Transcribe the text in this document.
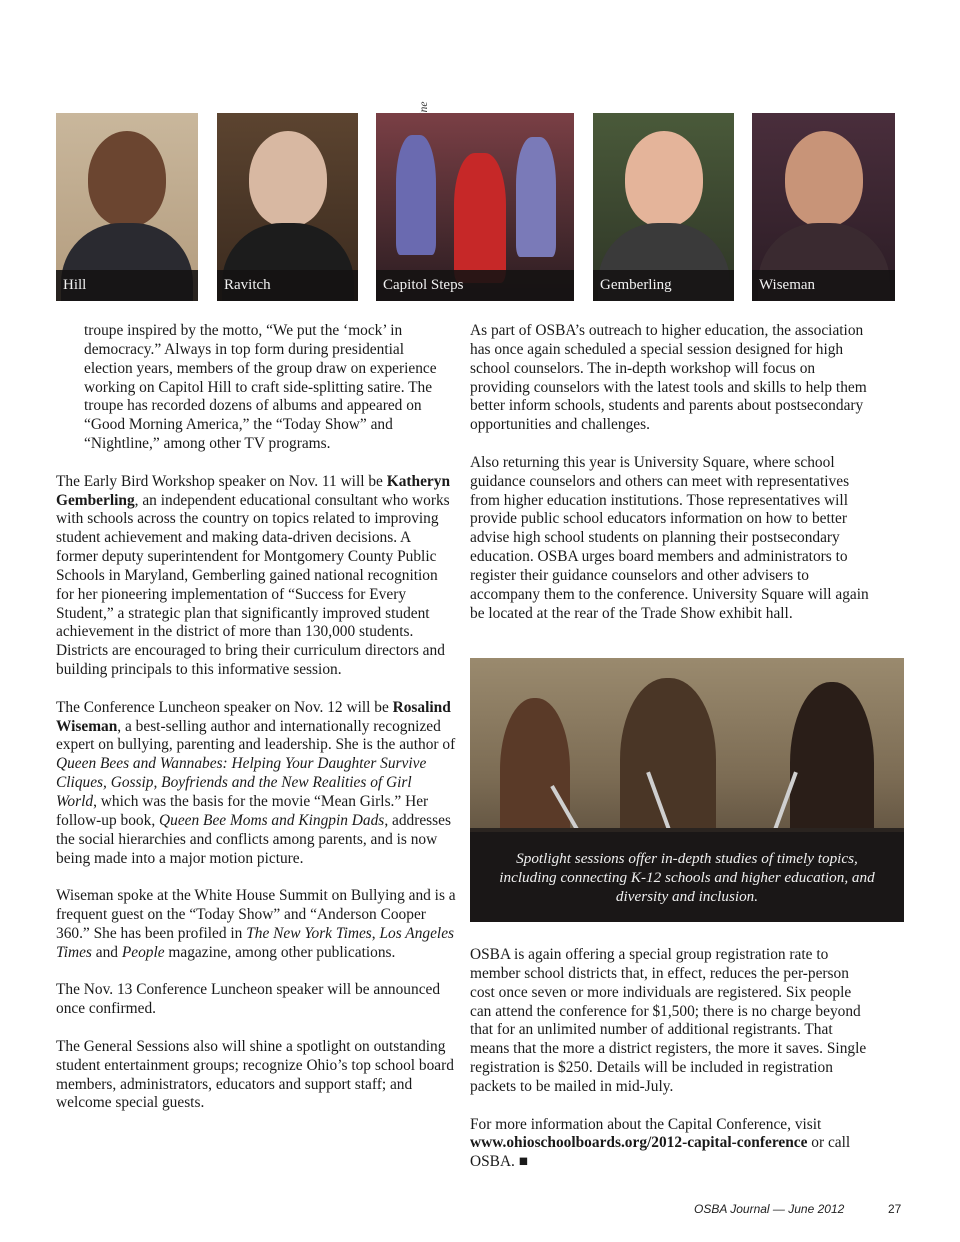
Hill	Ravitch	Capitol Steps	Gemberling	Wiseman

troupe inspired by the motto, “We put the ‘mock’ in democracy.” Always in top form during presidential election years, members of the group draw on experience working on Capitol Hill to craft side-splitting satire. The troupe has recorded dozens of albums and appeared on “Good Morning America,” the “Today Show” and “Nightline,” among other TV programs.

The Early Bird Workshop speaker on Nov. 11 will be Katheryn Gemberling, an independent educational consultant who works with schools across the country on topics related to improving student achievement and making data-driven decisions. A former deputy superintendent for Montgomery County Public Schools in Maryland, Gemberling gained national recognition for her pioneering implementation of “Success for Every Student,” a strategic plan that significantly improved student achievement in the district of more than 130,000 students. Districts are encouraged to bring their curriculum directors and building principals to this informative session.

The Conference Luncheon speaker on Nov. 12 will be Rosalind Wiseman, a best-selling author and internationally recognized expert on bullying, parenting and leadership. She is the author of Queen Bees and Wannabes: Helping Your Daughter Survive Cliques, Gossip, Boyfriends and the New Realities of Girl World, which was the basis for the movie “Mean Girls.” Her follow-up book, Queen Bee Moms and Kingpin Dads, addresses the social hierarchies and conflicts among parents, and is now being made into a major motion picture.

Wiseman spoke at the White House Summit on Bullying and is a frequent guest on the “Today Show” and “Anderson Cooper 360.” She has been profiled in The New York Times, Los Angeles Times and People magazine, among other publications.

The Nov. 13 Conference Luncheon speaker will be announced once confirmed.

The General Sessions also will shine a spotlight on outstanding student entertainment groups; recognize Ohio’s top school board members, administrators, educators and support staff; and welcome special guests.

As part of OSBA’s outreach to higher education, the association has once again scheduled a special session designed for high school counselors. The in-depth workshop will focus on providing counselors with the latest tools and skills to help them better inform schools, students and parents about postsecondary opportunities and challenges.

Also returning this year is University Square, where school guidance counselors and others can meet with representatives from higher education institutions. Those representatives will provide public school educators information on how to better advise high school students on planning their postsecondary education. OSBA urges board members and administrators to register their guidance counselors and other advisers to accompany them to the conference. University Square will again be located at the rear of the Trade Show exhibit hall.

Spotlight sessions offer in-depth studies of timely topics, including connecting K-12 schools and higher education, and diversity and inclusion.

OSBA is again offering a special group registration rate to member school districts that, in effect, reduces the per-person cost once seven or more individuals are registered. Six people can attend the conference for $1,500; there is no charge beyond that for an unlimited number of additional registrants. That means that the more a district registers, the more it saves. Single registration is $250. Details will be included in registration packets to be mailed in mid-July.

For more information about the Capital Conference, visit www.ohioschoolboards.org/2012-capital-conference or call OSBA. ■

OSBA Journal — June 2012	27
